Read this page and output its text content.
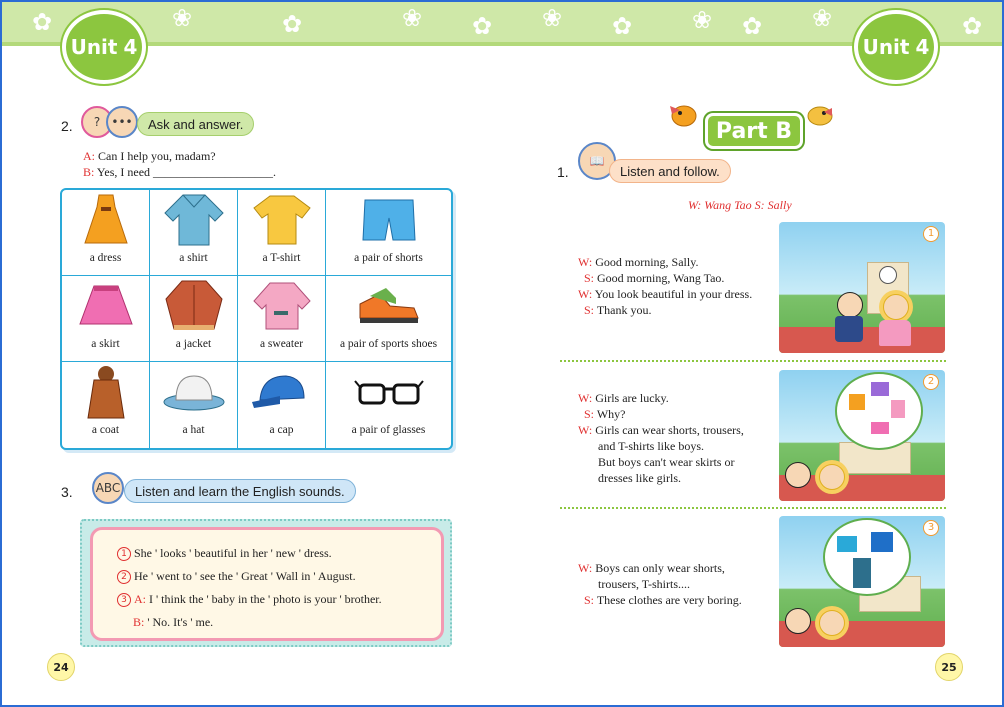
✿	❀	✿	❀ ✿ ❀ ✿ ❀ ✿ ❀	✿
Unit 4	Unit 4
2.	? •••	Ask and answer.
A: Can I help you, madam?
B: Yes, I need ____________________.
a dress	a shirt	a T-shirt	a pair of shorts
a skirt	a jacket	a sweater	a pair of sports shoes
a coat	a hat	a cap	a pair of glasses
3.	ABC	Listen and learn the English sounds.
1 She ' looks ' beautiful in her ' new ' dress.
2 He ' went to ' see the ' Great ' Wall in ' August.
3 A: I ' think the ' baby in the ' photo is your ' brother.
B: ' No. It's ' me.
24
Part B
1.
📖
Listen and follow.
W: Wang Tao S: Sally
W: Good morning, Sally.
S: Good morning, Wang Tao.
W: You look beautiful in your dress.
S: Thank you.
1
W: Girls are lucky.
S: Why?
W: Girls can wear shorts, trousers,
and T-shirts like boys.
But boys can't wear skirts or
dresses like girls.
2
W: Boys can only wear shorts,
trousers, T-shirts....
S: These clothes are very boring.
3
25
